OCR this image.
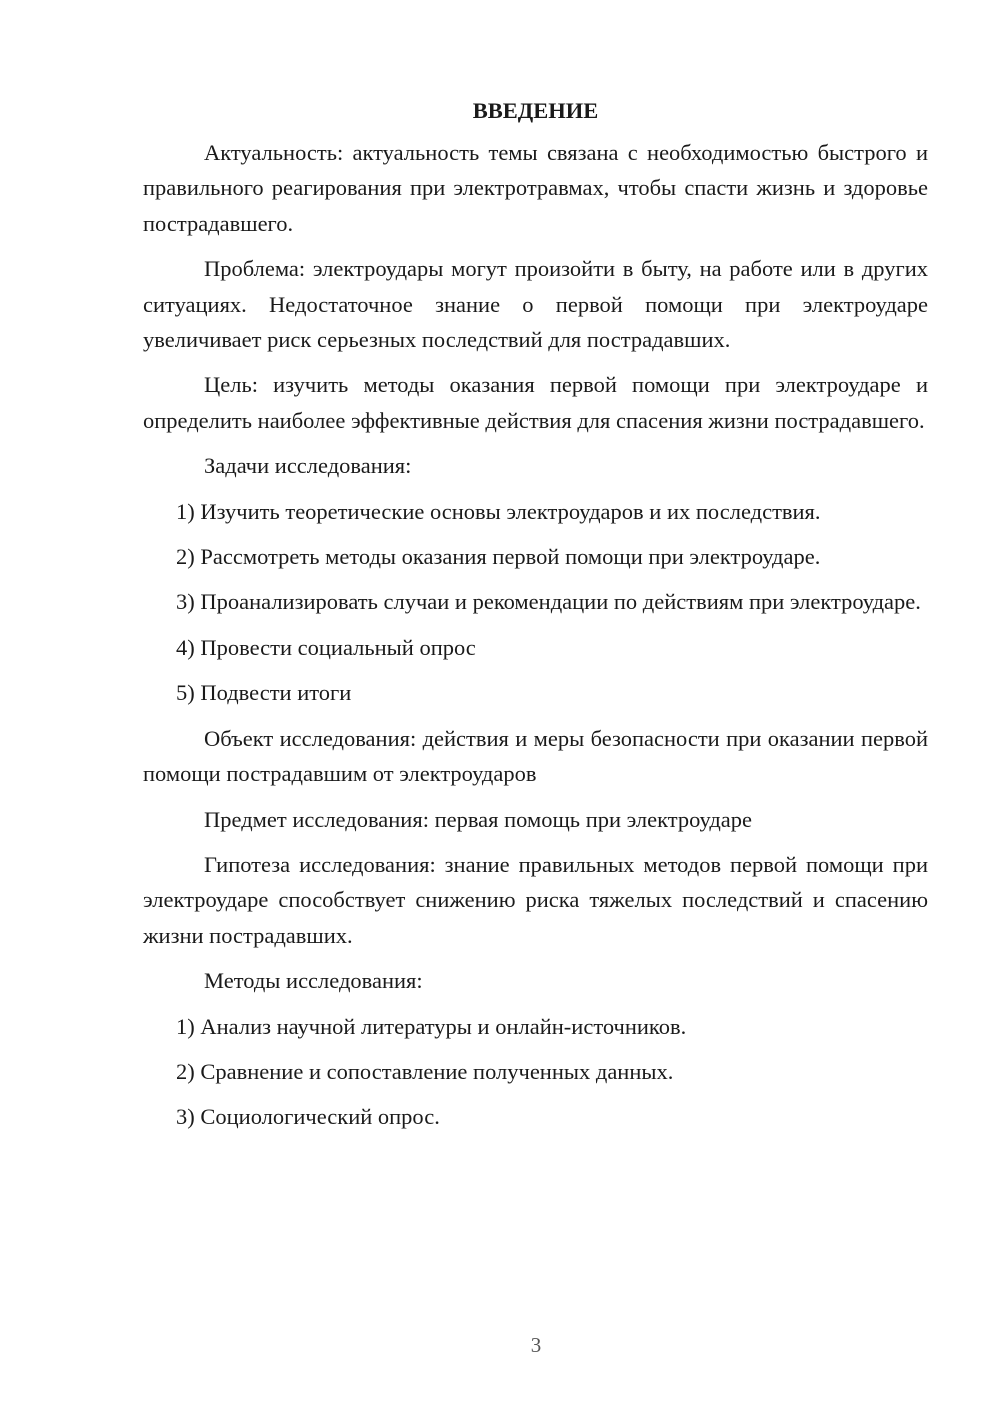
ВВЕДЕНИЕ

Актуальность: актуальность темы связана с необходимостью быстрого и правильного реагирования при электротравмах, чтобы спасти жизнь и здоровье пострадавшего.

Проблема: электроудары могут произойти в быту, на работе или в других ситуациях. Недостаточное знание о первой помощи при электроударе увеличивает риск серьезных последствий для пострадавших.

Цель: изучить методы оказания первой помощи при электроударе и определить наиболее эффективные действия для спасения жизни пострадавшего.

Задачи исследования:

1) Изучить теоретические основы электроударов и их последствия.

2) Рассмотреть методы оказания первой помощи при электроударе.

3) Проанализировать случаи и рекомендации по действиям при электроударе.

4) Провести социальный опрос

5) Подвести итоги

Объект исследования: действия и меры безопасности при оказании первой помощи пострадавшим от электроударов

Предмет исследования: первая помощь при электроударе

Гипотеза исследования: знание правильных методов первой помощи при электроударе способствует снижению риска тяжелых последствий и спасению жизни пострадавших.

Методы исследования:

1) Анализ научной литературы и онлайн-источников.

2) Сравнение и сопоставление полученных данных.

3) Социологический опрос.

3
